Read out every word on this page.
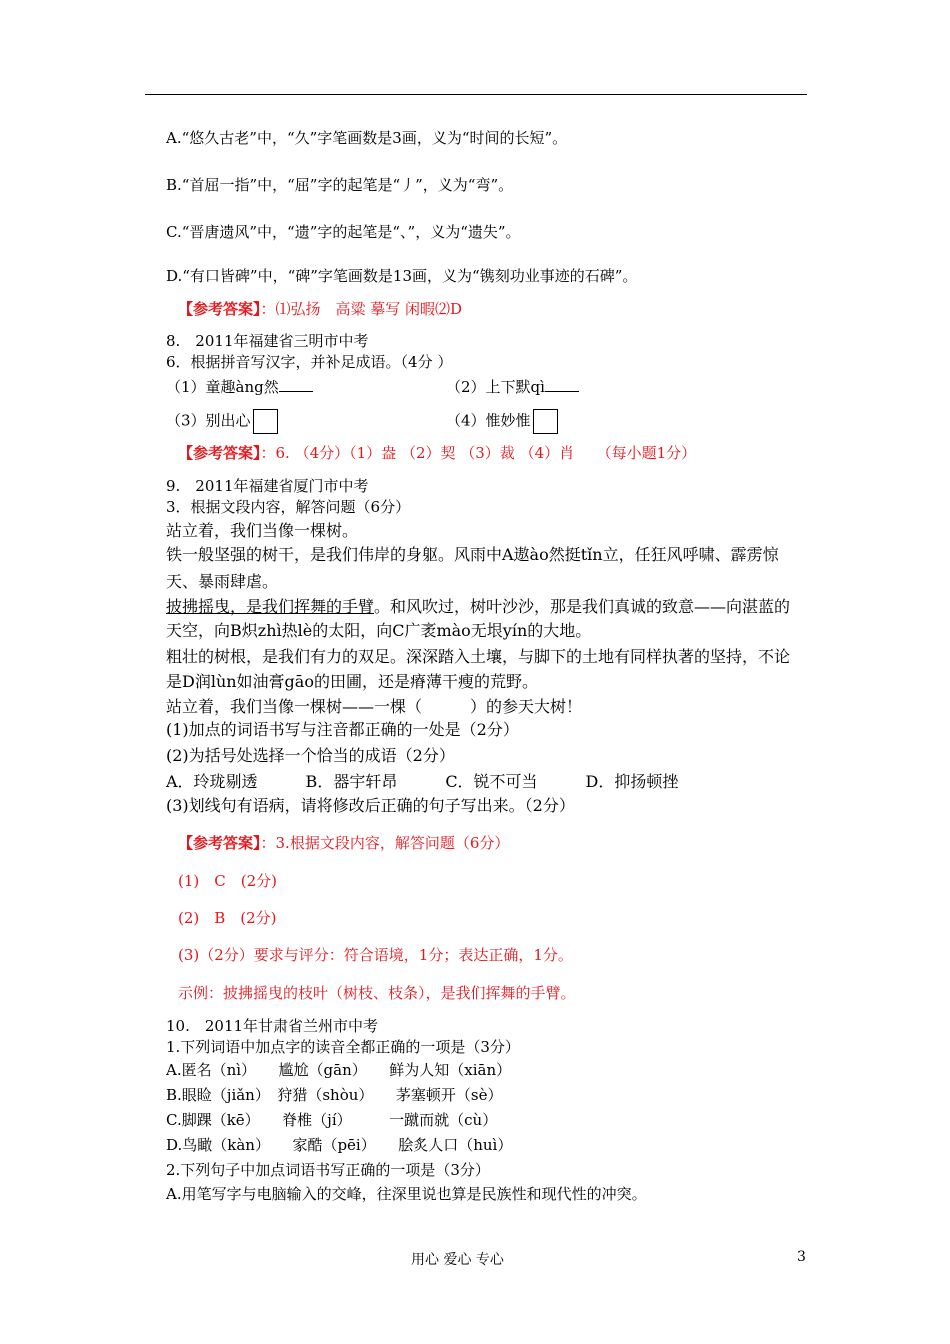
A.“悠久古老”中，“久”字笔画数是3画，义为“时间的长短”。
B.“首屈一指”中，“屈”字的起笔是“丿”，义为“弯”。
C.“晋唐遗风”中，“遗”字的起笔是“、”，义为“遗失”。
D.“有口皆碑”中，“碑”字笔画数是13画，义为“镌刻功业事迹的石碑”。
【参考答案】：⑴弘扬　高粱 摹写 闲暇⑵D
8.　2011年福建省三明市中考
6．根据拼音写汉字，并补足成语。（4分 ）
（1）童趣àng然	（2）上下默qì
（3）别出心	（4）惟妙惟
【参考答案】：6. （4分）（1）盎 （2）契 （3）裁 （4）肖　　（每小题1分）
9.　2011年福建省厦门市中考
3．根据文段内容，解答问题（6分）
站立着，我们当像一棵树。
铁一般坚强的树干，是我们伟岸的身躯。风雨中A遨ào然挺tǐn立，任狂风呼啸、霹雳惊
天、暴雨肆虐。
披拂摇曳，是我们挥舞的手臂。和风吹过，树叶沙沙，那是我们真诚的致意——向湛蓝的
天空，向B炽zhì热lè的太阳，向C广袤mào无垠yín的大地。
粗壮的树根，是我们有力的双足。深深踏入土壤，与脚下的土地有同样执著的坚持，不论
是D润lùn如油膏gāo的田圃，还是瘠薄干瘦的荒野。
站立着，我们当像一棵树——一棵（　　　）的参天大树！
(1)加点的词语书写与注音都正确的一处是（2分）
(2)为括号处选择一个恰当的成语（2分）
A．玲珑剔透　　　B．器宇轩昂　　　C．锐不可当　　　D．抑扬顿挫
(3)划线句有语病，请将修改后正确的句子写出来。（2分）
【参考答案】：3.根据文段内容，解答问题（6分）
(1)　C　(2分)
(2)　B　(2分)
(3)（2分）要求与评分：符合语境，1分；表达正确，1分。
示例：披拂摇曳的枝叶（树枝、枝条），是我们挥舞的手臂。
10.　2011年甘肃省兰州市中考
1.下列词语中加点字的读音全都正确的一项是（3分）
A.匿名（nì）　　尴尬（gān）　　鲜为人知（xiān）
B.眼睑（jiǎn）　狩猎（shòu）　　茅塞顿开（sè）
C.脚踝（kē）　　脊椎（jí）　　　一蹴而就（cù）
D.鸟瞰（kàn）　　家酷（pēi）　　脍炙人口（huì）
2.下列句子中加点词语书写正确的一项是（3分）
A.用笔写字与电脑输入的交峰，往深里说也算是民族性和现代性的冲突。
用心 爱心 专心	3
